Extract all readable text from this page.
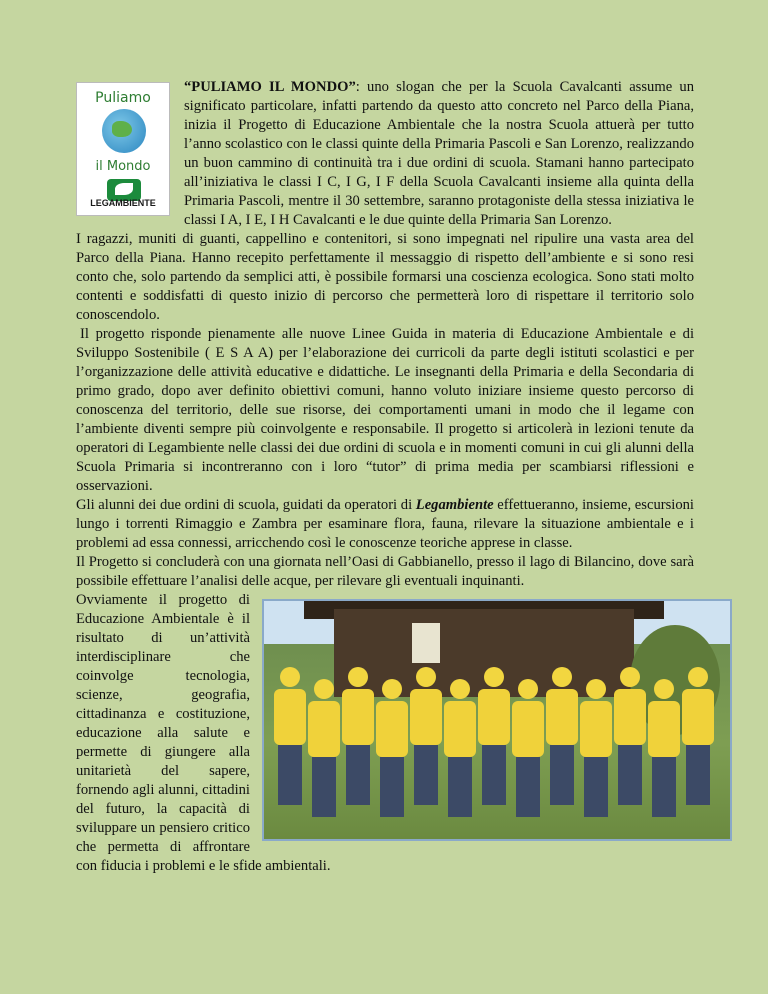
Puliamo
il Mondo
LEGAMBIENTE

“PULIAMO IL MONDO”: uno slogan che per la Scuola Cavalcanti assume un significato particolare, infatti partendo da questo atto concreto nel Parco della Piana, inizia il Progetto di Educazione Ambientale che la nostra Scuola attuerà per tutto l’anno scolastico con le classi quinte della Primaria Pascoli e San Lorenzo, realizzando un buon cammino di continuità tra i due ordini di scuola. Stamani hanno partecipato all’iniziativa le classi I C, I G, I F della Scuola Cavalcanti insieme alla quinta della Primaria Pascoli, mentre il 30 settembre, saranno protagoniste della stessa iniziativa le classi I A, I E, I H Cavalcanti e le due quinte della Primaria San Lorenzo.

I ragazzi, muniti di guanti, cappellino e contenitori, si sono impegnati nel ripulire una vasta area del Parco della Piana. Hanno recepito perfettamente il messaggio di rispetto dell’ambiente e si sono resi conto che, solo partendo da semplici atti, è possibile formarsi una coscienza ecologica. Sono stati molto contenti e soddisfatti di questo inizio di percorso che permetterà loro di rispettare il territorio solo conoscendolo.

Il progetto risponde pienamente alle nuove Linee Guida in materia di Educazione Ambientale e di Sviluppo Sostenibile ( E S A A) per l’elaborazione dei curricoli da parte degli istituti scolastici e per l’organizzazione delle attività educative e didattiche. Le insegnanti della Primaria e della Secondaria di primo grado, dopo aver definito obiettivi comuni, hanno voluto iniziare insieme questo percorso di conoscenza del territorio, delle sue risorse, dei comportamenti umani in modo che il legame con l’ambiente diventi sempre più coinvolgente e responsabile. Il progetto si articolerà in lezioni tenute da operatori di Legambiente nelle classi dei due ordini di scuola e in momenti comuni in cui gli alunni della Scuola Primaria si incontreranno con i loro “tutor” di prima media per scambiarsi riflessioni e osservazioni.

Gli alunni dei due ordini di scuola, guidati da operatori di Legambiente effettueranno, insieme, escursioni lungo i torrenti Rimaggio e Zambra per esaminare flora, fauna, rilevare la situazione ambientale e i problemi ad essa connessi, arricchendo così le conoscenze teoriche apprese in classe.

Il Progetto si concluderà con una giornata nell’Oasi di Gabbianello, presso il lago di Bilancino, dove sarà possibile effettuare l’analisi delle acque, per rilevare gli eventuali inquinanti.

Ovviamente il progetto di Educazione Ambientale è il risultato di un’attività interdisciplinare che coinvolge tecnologia, scienze, geografia, cittadinanza e costituzione, educazione alla salute e permette di giungere alla unitarietà del sapere, fornendo agli alunni, cittadini del futuro, la capacità di sviluppare un pensiero critico che permetta di affrontare con fiducia i problemi e le sfide ambientali.
